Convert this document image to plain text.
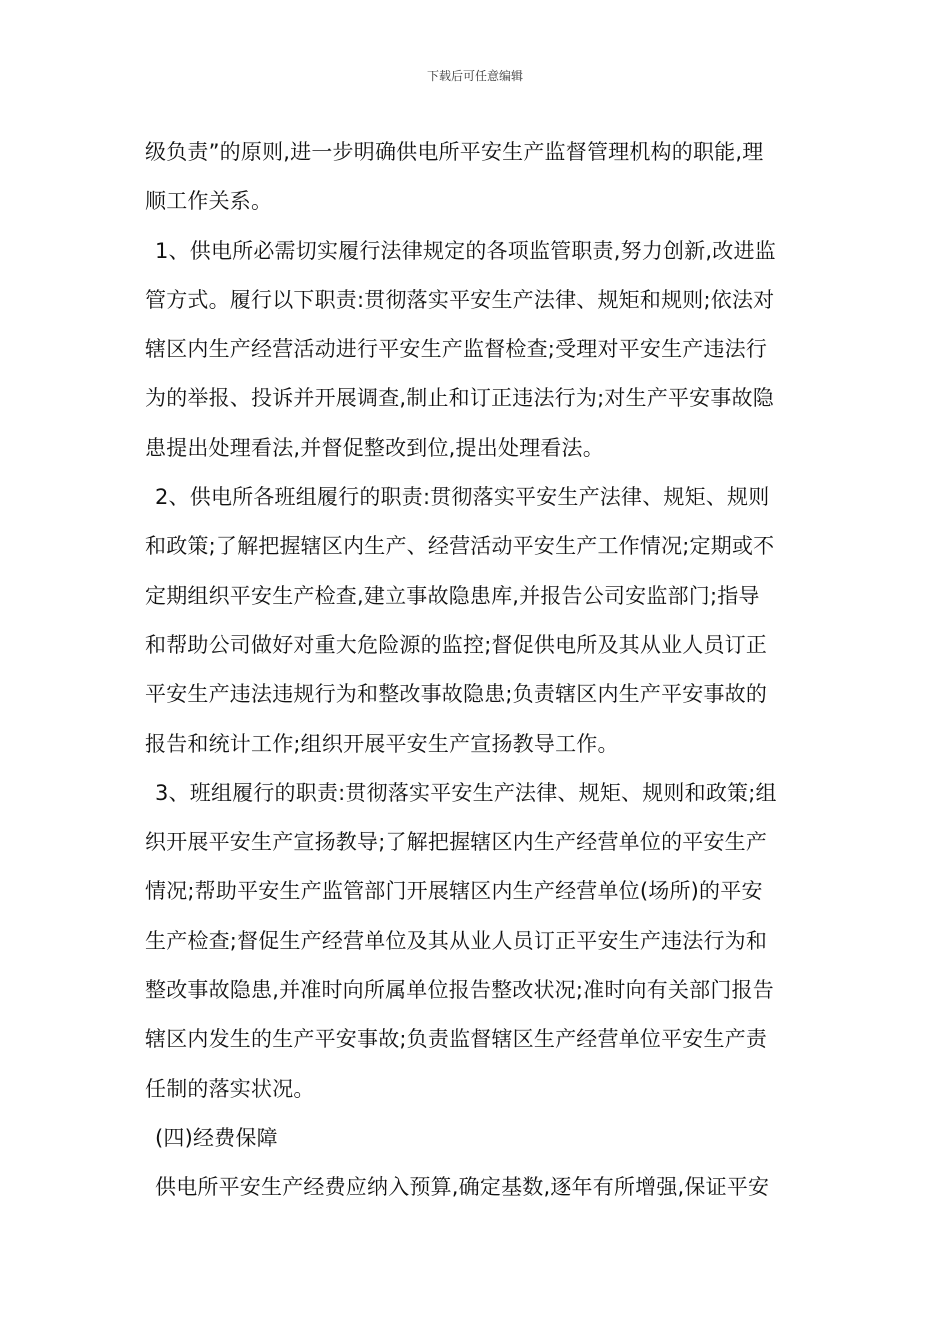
下载后可任意编辑
级负责”的原则,进一步明确供电所平安生产监督管理机构的职能,理
顺工作关系。
1、供电所必需切实履行法律规定的各项监管职责,努力创新,改进监
管方式。履行以下职责:贯彻落实平安生产法律、规矩和规则;依法对
辖区内生产经营活动进行平安生产监督检查;受理对平安生产违法行
为的举报、投诉并开展调查,制止和订正违法行为;对生产平安事故隐
患提出处理看法,并督促整改到位,提出处理看法。
2、供电所各班组履行的职责:贯彻落实平安生产法律、规矩、规则
和政策;了解把握辖区内生产、经营活动平安生产工作情况;定期或不
定期组织平安生产检查,建立事故隐患库,并报告公司安监部门;指导
和帮助公司做好对重大危险源的监控;督促供电所及其从业人员订正
平安生产违法违规行为和整改事故隐患;负责辖区内生产平安事故的
报告和统计工作;组织开展平安生产宣扬教导工作。
3、班组履行的职责:贯彻落实平安生产法律、规矩、规则和政策;组
织开展平安生产宣扬教导;了解把握辖区内生产经营单位的平安生产
情况;帮助平安生产监管部门开展辖区内生产经营单位(场所)的平安
生产检查;督促生产经营单位及其从业人员订正平安生产违法行为和
整改事故隐患,并准时向所属单位报告整改状况;准时向有关部门报告
辖区内发生的生产平安事故;负责监督辖区生产经营单位平安生产责
任制的落实状况。
(四)经费保障
供电所平安生产经费应纳入预算,确定基数,逐年有所增强,保证平安
